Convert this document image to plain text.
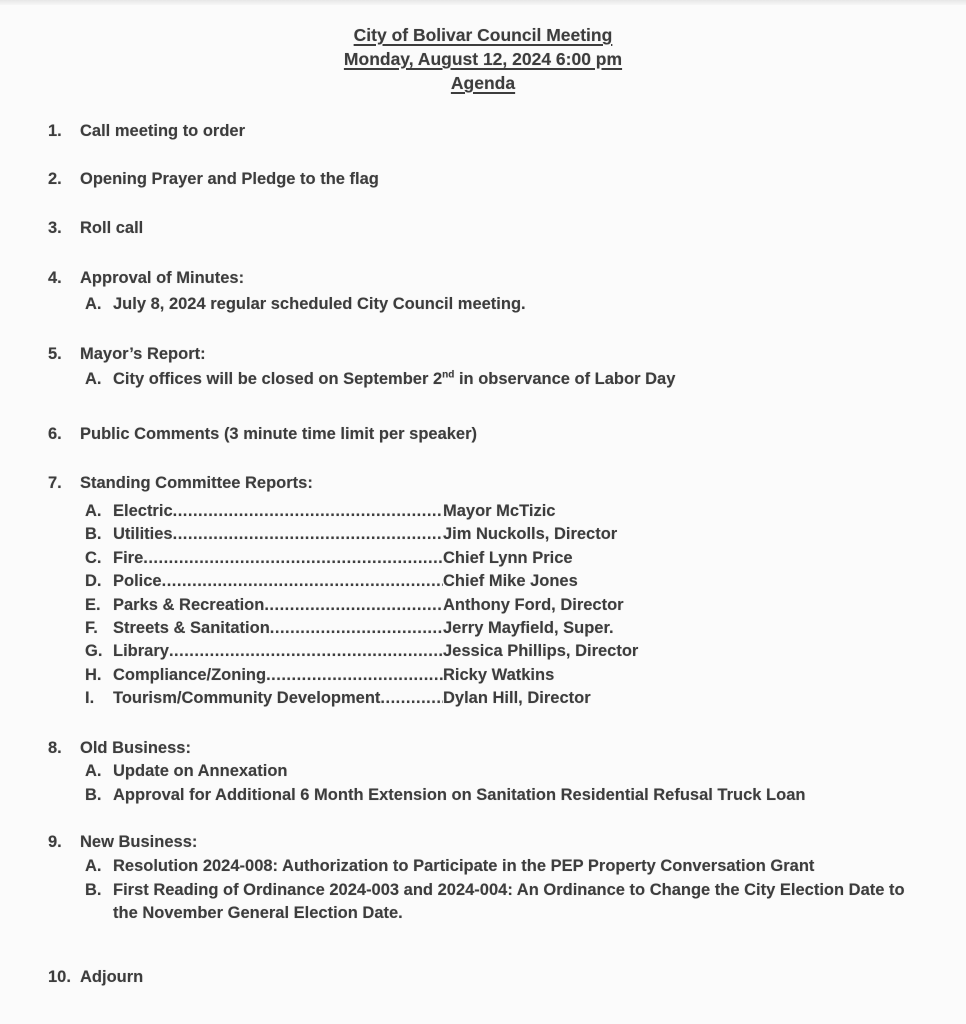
City of Bolivar Council Meeting
Monday, August 12, 2024 6:00 pm
Agenda
1.	Call meeting to order
2.	Opening Prayer and Pledge to the flag
3.	Roll call
4.	Approval of Minutes:
A. July 8, 2024 regular scheduled City Council meeting.
5.	Mayor’s Report:
A. City offices will be closed on September 2nd in observance of Labor Day
6.	Public Comments (3 minute time limit per speaker)
7.	Standing Committee Reports:
A. Electric .....	Mayor McTizic
B. Utilities .....	Jim Nuckolls, Director
C. Fire .....	Chief Lynn Price
D. Police .....	Chief Mike Jones
E. Parks & Recreation .....	Anthony Ford, Director
F. Streets & Sanitation .....	Jerry Mayfield, Super.
G. Library .....	Jessica Phillips, Director
H. Compliance/Zoning .....	Ricky Watkins
I.	Tourism/Community Development .....	Dylan Hill, Director
8.	Old Business:
A. Update on Annexation
B. Approval for Additional 6 Month Extension on Sanitation Residential Refusal Truck Loan
9.	New Business:
A. Resolution 2024-008: Authorization to Participate in the PEP Property Conversation Grant
B. First Reading of Ordinance 2024-003 and 2024-004: An Ordinance to Change the City Election Date to the November General Election Date.
10. Adjourn
